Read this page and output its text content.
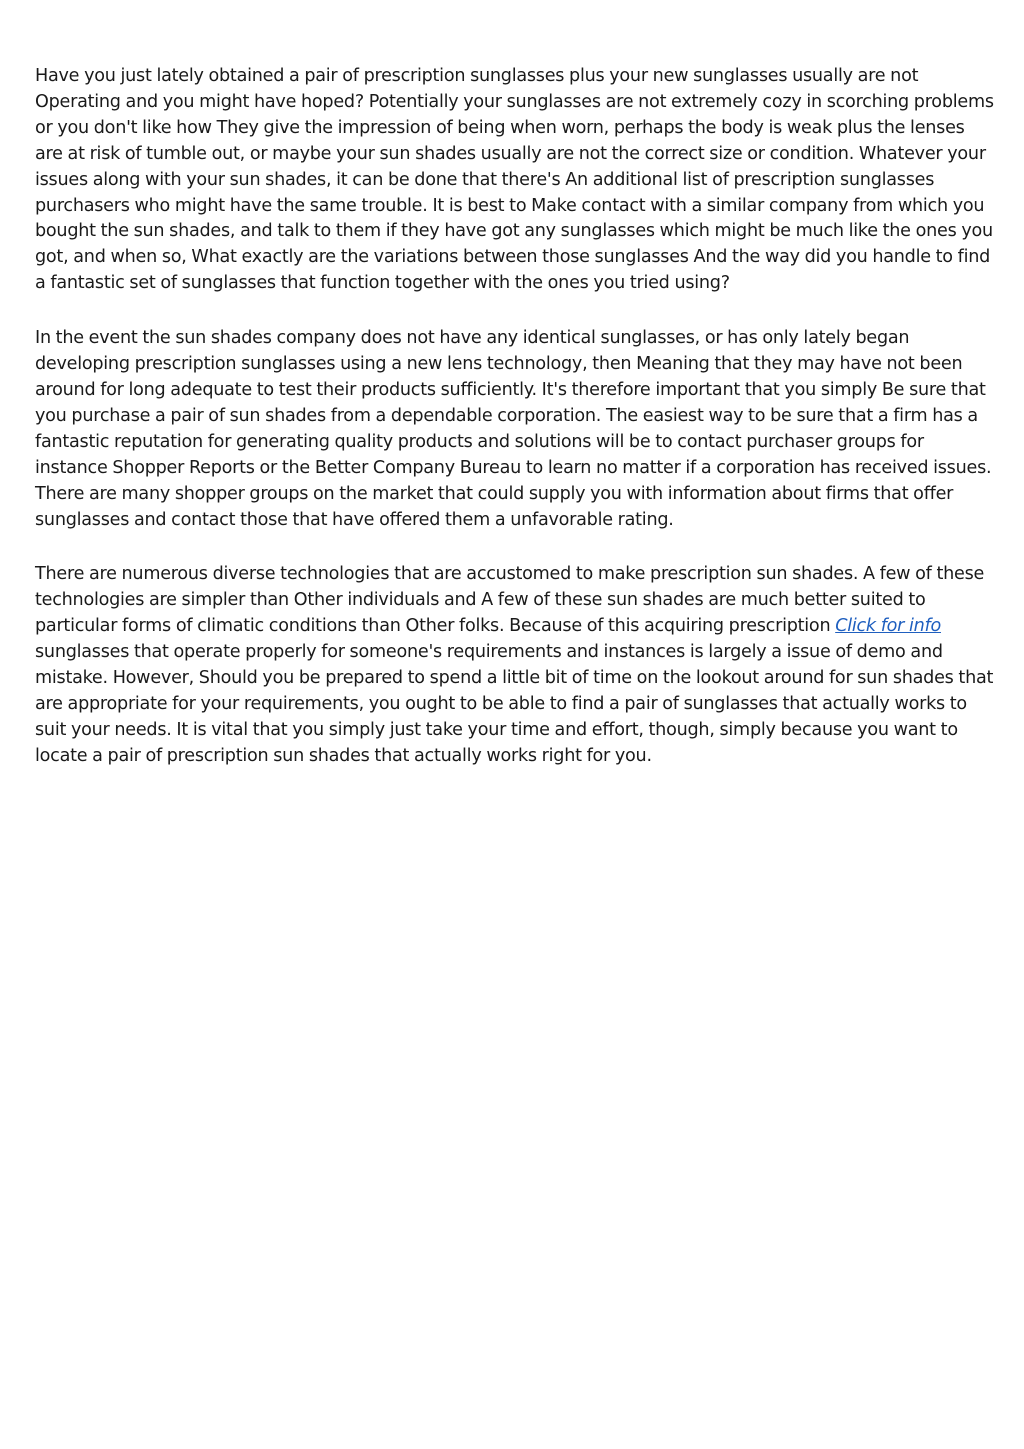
Have you just lately obtained a pair of prescription sunglasses plus your new sunglasses usually are not Operating and you might have hoped? Potentially your sunglasses are not extremely cozy in scorching problems or you don't like how They give the impression of being when worn, perhaps the body is weak plus the lenses are at risk of tumble out, or maybe your sun shades usually are not the correct size or condition. Whatever your issues along with your sun shades, it can be done that there's An additional list of prescription sunglasses purchasers who might have the same trouble. It is best to Make contact with a similar company from which you bought the sun shades, and talk to them if they have got any sunglasses which might be much like the ones you got, and when so, What exactly are the variations between those sunglasses And the way did you handle to find a fantastic set of sunglasses that function together with the ones you tried using?

In the event the sun shades company does not have any identical sunglasses, or has only lately began developing prescription sunglasses using a new lens technology, then Meaning that they may have not been around for long adequate to test their products sufficiently. It's therefore important that you simply Be sure that you purchase a pair of sun shades from a dependable corporation. The easiest way to be sure that a firm has a fantastic reputation for generating quality products and solutions will be to contact purchaser groups for instance Shopper Reports or the Better Company Bureau to learn no matter if a corporation has received issues. There are many shopper groups on the market that could supply you with information about firms that offer sunglasses and contact those that have offered them a unfavorable rating.

There are numerous diverse technologies that are accustomed to make prescription sun shades. A few of these technologies are simpler than Other individuals and A few of these sun shades are much better suited to particular forms of climatic conditions than Other folks. Because of this acquiring prescription Click for info sunglasses that operate properly for someone's requirements and instances is largely a issue of demo and mistake. However, Should you be prepared to spend a little bit of time on the lookout around for sun shades that are appropriate for your requirements, you ought to be able to find a pair of sunglasses that actually works to suit your needs. It is vital that you simply just take your time and effort, though, simply because you want to locate a pair of prescription sun shades that actually works right for you.
